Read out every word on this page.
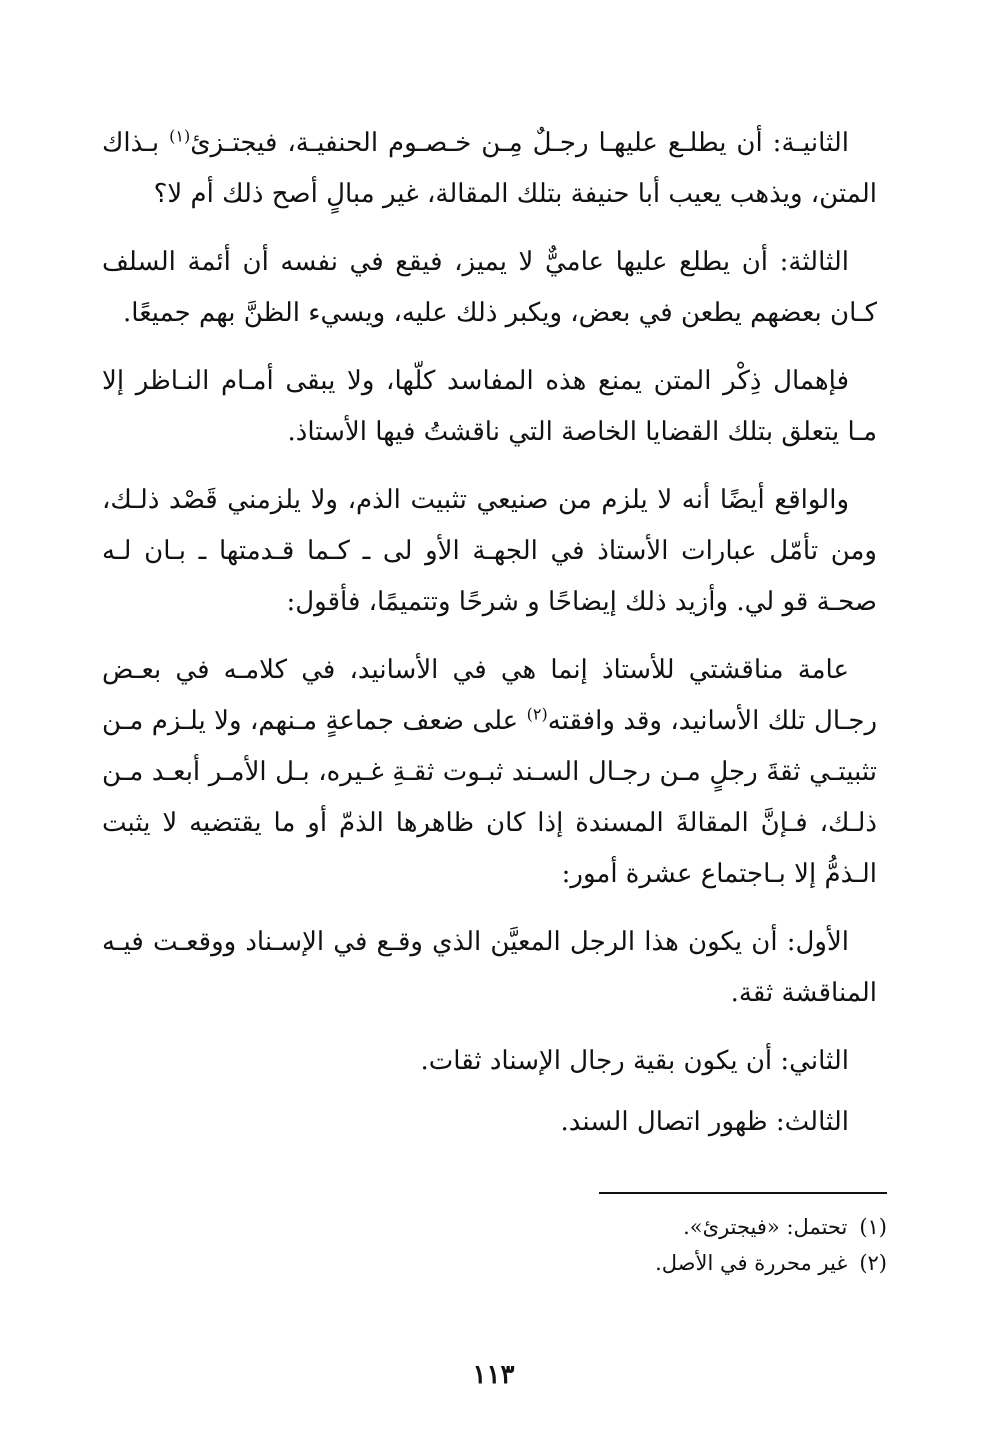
الثانيـة: أن يطلـع عليهـا رجـلٌ مِـن خـصـوم الحنفيـة، فيجتـزئ$^{(١)}$ بـذاك المتن، ويذهب يعيب أبا حنيفة بتلك المقالة، غير مبالٍ أصح ذلك أم لا؟

الثالثة: أن يطلع عليها عاميٌّ لا يميز، فيقع في نفسه أن أئمة السلف كـان بعضهم يطعن في بعض، ويكبر ذلك عليه، ويسيء الظنَّ بهم جميعًا.

فإهمال ذِكْر المتن يمنع هذه المفاسد كلّها، ولا يبقى أمـام النـاظر إلا مـا يتعلق بتلك القضايا الخاصة التي ناقشتُ فيها الأستاذ.

والواقع أيضًا أنه لا يلزم من صنيعي تثبيت الذم، ولا يلزمني قَصْد ذلـك، ومن تأمّل عبارات الأستاذ في الجهـة الأو لى ـ كـما قـدمتها ـ بـان لـه صحـة قو لي. وأزيد ذلك إيضاحًا و شرحًا وتتميمًا، فأقول:

عامة مناقشتي للأستاذ إنما هي في الأسانيد، في كلامـه في بعـض رجـال تلك الأسانيد، وقد وافقته$^{(٢)}$ على ضعف جماعةٍ مـنهم، ولا يلـزم مـن تثبيتـي ثقةَ رجلٍ مـن رجـال السـند ثبـوت ثقـةِ غـيره، بـل الأمـر أبعـد مـن ذلـك، فـإنَّ المقالةَ المسندة إذا كان ظاهرها الذمّ أو ما يقتضيه لا يثبت الـذمُّ إلا بـاجتماع عشرة أمور:

الأول: أن يكون هذا الرجل المعيَّن الذي وقـع في الإسـناد ووقعـت فيـه المناقشة ثقة.

الثاني: أن يكون بقية رجال الإسناد ثقات.

الثالث: ظهور اتصال السند.

(١)
تحتمل: «فيجترئ».
(٢)
غير محررة في الأصل.
١١٣
